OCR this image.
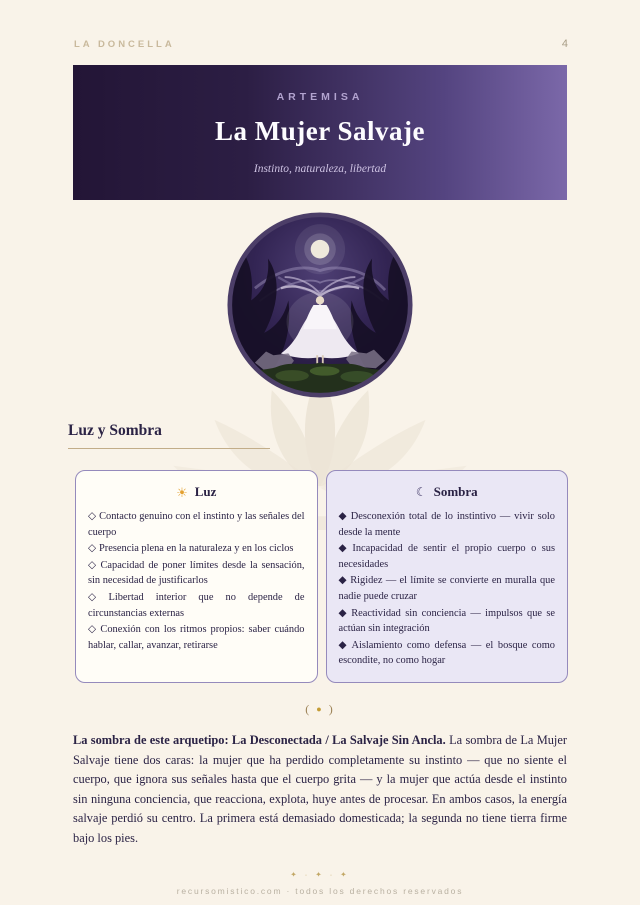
LA DONCELLA	4
ARTEMISA
La Mujer Salvaje
Instinto, naturaleza, libertad
Luz y Sombra
☀ Luz
◇ Contacto genuino con el instinto y las señales del cuerpo
◇ Presencia plena en la naturaleza y en los ciclos
◇ Capacidad de poner límites desde la sensación, sin necesidad de justificarlos
◇ Libertad interior que no depende de circunstancias externas
◇ Conexión con los ritmos propios: saber cuándo hablar, callar, avanzar, retirarse
☾ Sombra
◆ Desconexión total de lo instintivo — vivir solo desde la mente
◆ Incapacidad de sentir el propio cuerpo o sus necesidades
◆ Rigidez — el límite se convierte en muralla que nadie puede cruzar
◆ Reactividad sin conciencia — impulsos que se actúan sin integración
◆ Aislamiento como defensa — el bosque como escondite, no como hogar
( ● )

La sombra de este arquetipo: La Desconectada / La Salvaje Sin Ancla. La sombra de La Mujer Salvaje tiene dos caras: la mujer que ha perdido completamente su instinto — que no siente el cuerpo, que ignora sus señales hasta que el cuerpo grita — y la mujer que actúa desde el instinto sin ninguna conciencia, que reacciona, explota, huye antes de procesar. En ambos casos, la energía salvaje perdió su centro. La primera está demasiado domesticada; la segunda no tiene tierra firme bajo los pies.

✦ · ✦ · ✦
recursomistico.com · todos los derechos reservados
